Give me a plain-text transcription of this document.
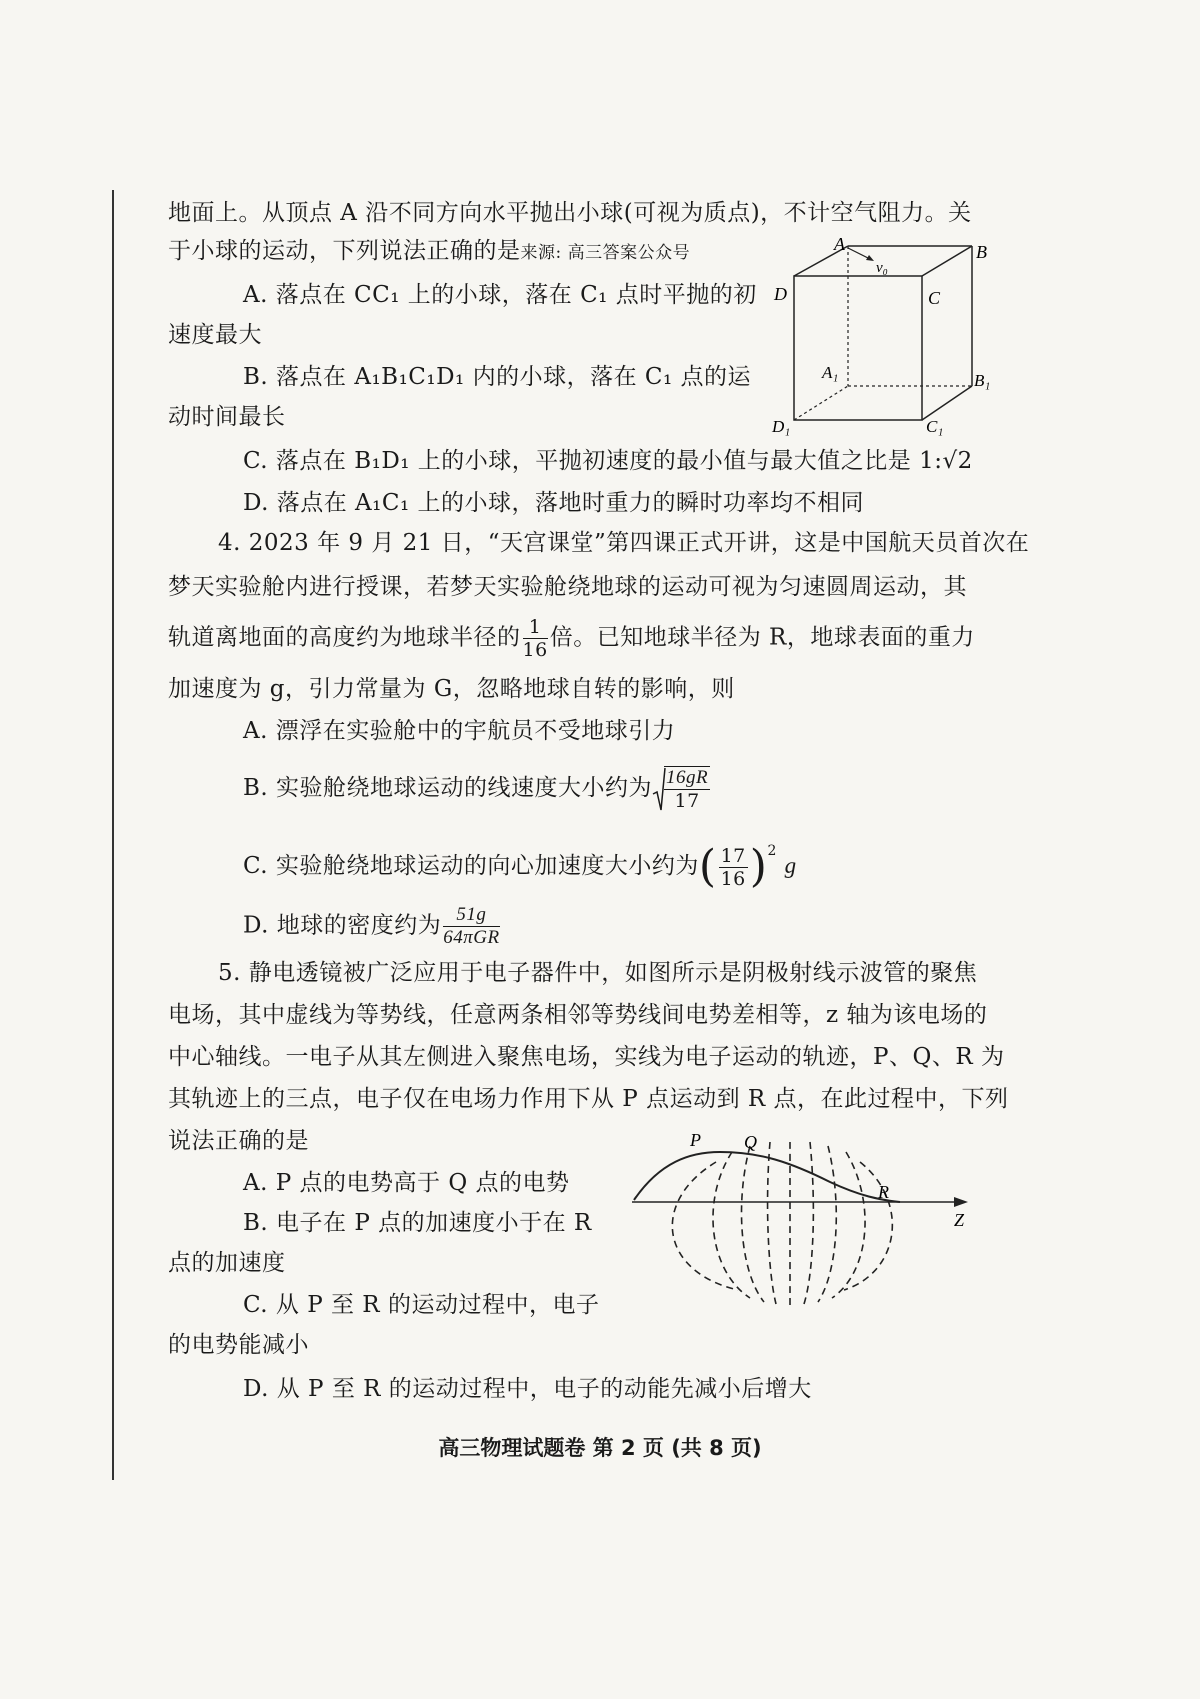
地面上。从顶点 A 沿不同方向水平抛出小球(可视为质点)，不计空气阻力。关
于小球的运动，下列说法正确的是来源: 高三答案公众号
A. 落点在 CC₁ 上的小球，落在 C₁ 点时平抛的初
速度最大
B. 落点在 A₁B₁C₁D₁ 内的小球，落在 C₁ 点的运
动时间最长
C. 落点在 B₁D₁ 上的小球，平抛初速度的最小值与最大值之比是 1:√2
D. 落点在 A₁C₁ 上的小球，落地时重力的瞬时功率均不相同
A	B
C
D
A₁	B₁
C₁
D₁
v₀
4. 2023 年 9 月 21 日，“天宫课堂”第四课正式开讲，这是中国航天员首次在
梦天实验舱内进行授课，若梦天实验舱绕地球的运动可视为匀速圆周运动，其
轨道离地面的高度约为地球半径的 $\frac{1}{16}$ 倍。已知地球半径为 R，地球表面的重力
加速度为 g，引力常量为 G，忽略地球自转的影响，则
A. 漂浮在实验舱中的宇航员不受地球引力
B. 实验舱绕地球运动的线速度大小约为 $\frac{16gR}{17}$
C. 实验舱绕地球运动的向心加速度大小约为( $\frac{17}{16} )^2$ g
D. 地球的密度约为 $\frac{51g}{\text{64πGR}}$
5. 静电透镜被广泛应用于电子器件中，如图所示是阴极射线示波管的聚焦
电场，其中虚线为等势线，任意两条相邻等势线间电势差相等，z 轴为该电场的
中心轴线。一电子从其左侧进入聚焦电场，实线为电子运动的轨迹，P、Q、R 为
其轨迹上的三点，电子仅在电场力作用下从 P 点运动到 R 点，在此过程中，下列
说法正确的是
A. P 点的电势高于 Q 点的电势
B. 电子在 P 点的加速度小于在 R
点的加速度
C. 从 P 至 R 的运动过程中，电子
的电势能减小
D. 从 P 至 R 的运动过程中，电子的动能先减小后增大
P Q
R
Z
高三物理试题卷 第 2 页 (共 8 页)
